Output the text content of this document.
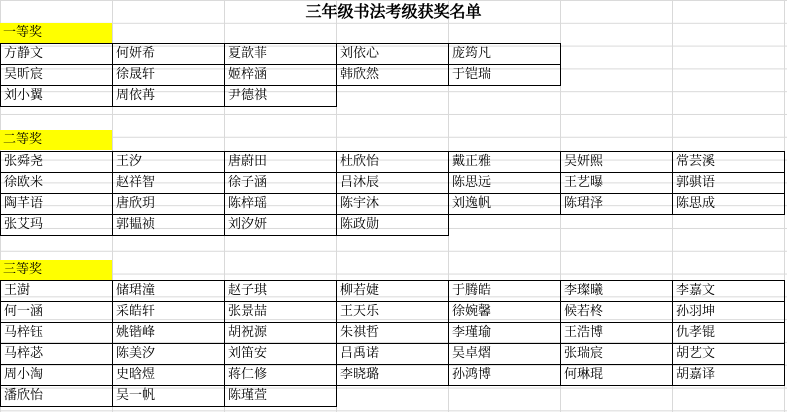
三年级书法考级获奖名单
一等奖
方静文	何妍希	夏歆菲	刘依心	庞筠凡
吴昕宸	徐晟轩	姬梓涵	韩欣然	于铠瑞
刘小翼	周依苒	尹德祺		
二等奖
张舜尧	王汐	唐蔚田	杜欣怡	戴正雅	吴妍熙	常芸溪
徐欧米	赵祥智	徐子涵	吕沐辰	陈思远	王艺曝	郭骐语
陶芊语	唐欣玥	陈梓瑶	陈宇沐	刘逸帆	陈珺泽	陈思成
张艾玛	郭韫祯	刘汐妍	陈政勋			
三等奖
王澍	储珺潼	赵子琪	柳若婕	于腾皓	李璨曦	李嘉文
何一涵	采皓轩	张景喆	王天乐	徐婉馨	候若柊	孙羽坤
马梓钰	姚锴峰	胡祝源	朱祺哲	李瑾瑜	王浩博	仇孝锟
马梓苾	陈美汐	刘笛安	吕禹诺	吴卓熠	张瑞宸	胡艺文
周小淘	史晗煜	蒋仁修	李晓璐	孙鸿博	何琳琨	胡嘉译
潘欣怡	吴一帆	陈瑾萱				
